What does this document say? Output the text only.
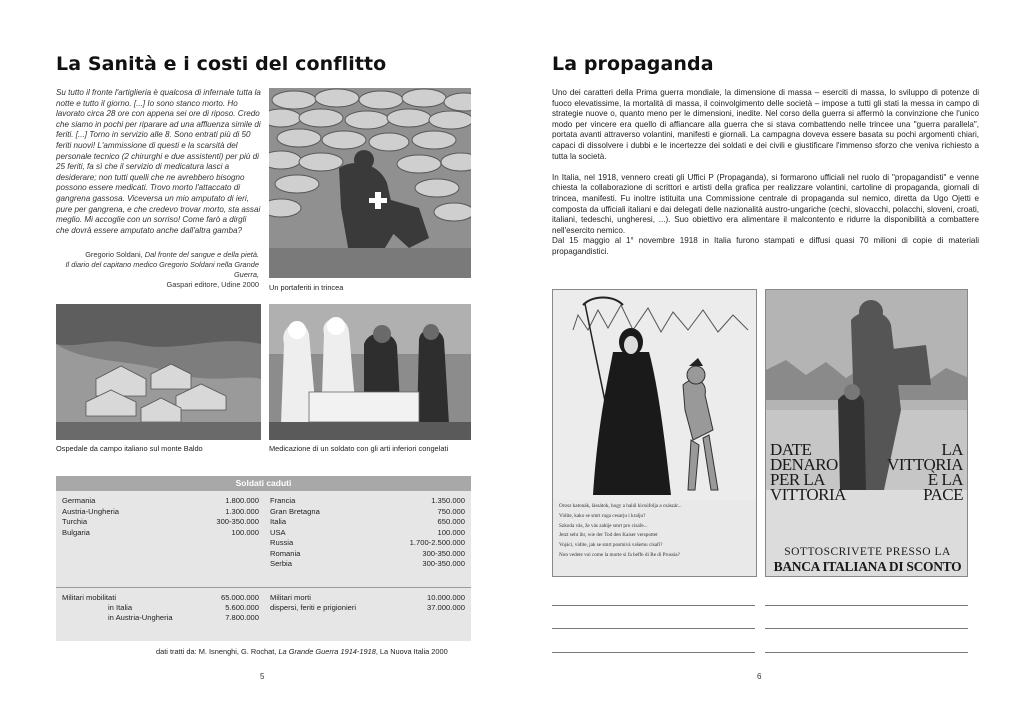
La Sanità e i costi del conflitto
Su tutto il fronte l'artiglieria è qualcosa di infernale tutta la notte e tutto il giorno. [...] Io sono stanco morto. Ho lavorato circa 28 ore con appena sei ore di riposo. Credo che siamo in pochi per riparare ad una affluenza simile di feriti. [...] Torno in servizio alle 8. Sono entrati più di 50 feriti nuovi! L'ammissione di questi e la scarsità del personale tecnico (2 chirurghi e due assistenti) per più di 25 feriti, fa sì che il servizio di medicatura lasci a desiderare; non tutti quelli che ne avrebbero bisogno possono essere medicati. Trovo morto l'attaccato di gangrena gassosa. Viceversa un mio amputato di ieri, pure per gangrena, e che credevo trovar morto, sta assai meglio. Mi accoglie con un sorriso! Come farò a dirgli che dovrà essere amputato anche dall'altra gamba?
Gregorio Soldani, Dal fronte del sangue e della pietà.
Il diario del capitano medico Gregorio Soldani nella Grande Guerra,
Gaspari editore, Udine 2000 Un portaferiti in trincea
Ospedale da campo italiano sul monte Baldo	Medicazione di un soldato con gli arti inferiori congelati
Soldati caduti
Germania	1.800.000
Austria-Ungheria	1.300.000
Turchia	300-350.000
Bulgaria	100.000
Francia	1.350.000
Gran Bretagna	750.000
Italia	650.000
USA	100.000
Russia	1.700-2.500.000
Romania	300-350.000
Serbia	300-350.000
Militari mobilitati	65.000.000
in Italia	5.600.000
in Austria-Ungheria	7.800.000
Militari morti	10.000.000
dispersi, feriti e prigionieri	37.000.000
dati tratti da: M. Isnenghi, G. Rochat, La Grande Guerra 1914-1918, La Nuova Italia 2000
5
La propaganda

Uno dei caratteri della Prima guerra mondiale, la dimensione di massa – eserciti di massa, lo sviluppo di potenze di fuoco elevatissime, la mortalità di massa, il coinvolgimento delle società – impose a tutti gli stati la messa in campo di strategie nuove o, quanto meno per le dimensioni, inedite. Nel corso della guerra si affermò la convinzione che l'unico modo per vincere era quello di affiancare alla guerra che si stava combattendo nelle trincee una "guerra parallela", portata avanti attraverso volantini, manifesti e giornali. La campagna doveva essere basata su pochi argomenti chiari, capaci di dissolvere i dubbi e le incertezze dei soldati e dei civili e giustificare l'immenso sforzo che veniva richiesto a tutta la società.

In Italia, nel 1918, vennero creati gli Uffici P (Propaganda), si formarono ufficiali nel ruolo di "propagandisti" e venne chiesta la collaborazione di scrittori e artisti della grafica per realizzare volantini, cartoline di propaganda, giornali di trincea, manifesti. Fu inoltre istituita una Commissione centrale di propaganda sul nemico, diretta da Ugo Ojetti e composta da ufficiali italiani e dai delegati delle nazionalità austro-ungariche (cechi, slovacchi, polacchi, sloveni, croati, italiani, tedeschi, ungheresi, ...). Suo obiettivo era alimentare il malcontento e ridurre la disponibilità a combattere nell'esercito nemico.

Dal 15 maggio al 1° novembre 1918 in Italia furono stampati e diffusi quasi 70 milioni di copie di materiali propagandistici.

Orosz katonák, lássátok, hogy a halál kicsúfolja a császár...
Vidite, kako se smrt ruga cesarju i kralju?
Szkoda vás, že vás zabije smrt pro cisaře...
Jetzt seht ihr, wie der Tod den Kaiser verspottet
Vojáci, vidíte, jak se smrt posmívá vašemu císaři?
Non vedete voi come la morte si fa beffe di Re di Prussia?
DATE
DENARO
PER LA
VITTORIA
LA
VITTORIA
È LA
PACE
SOTTOSCRIVETE PRESSO LA
BANCA ITALIANA DI SCONTO
6
